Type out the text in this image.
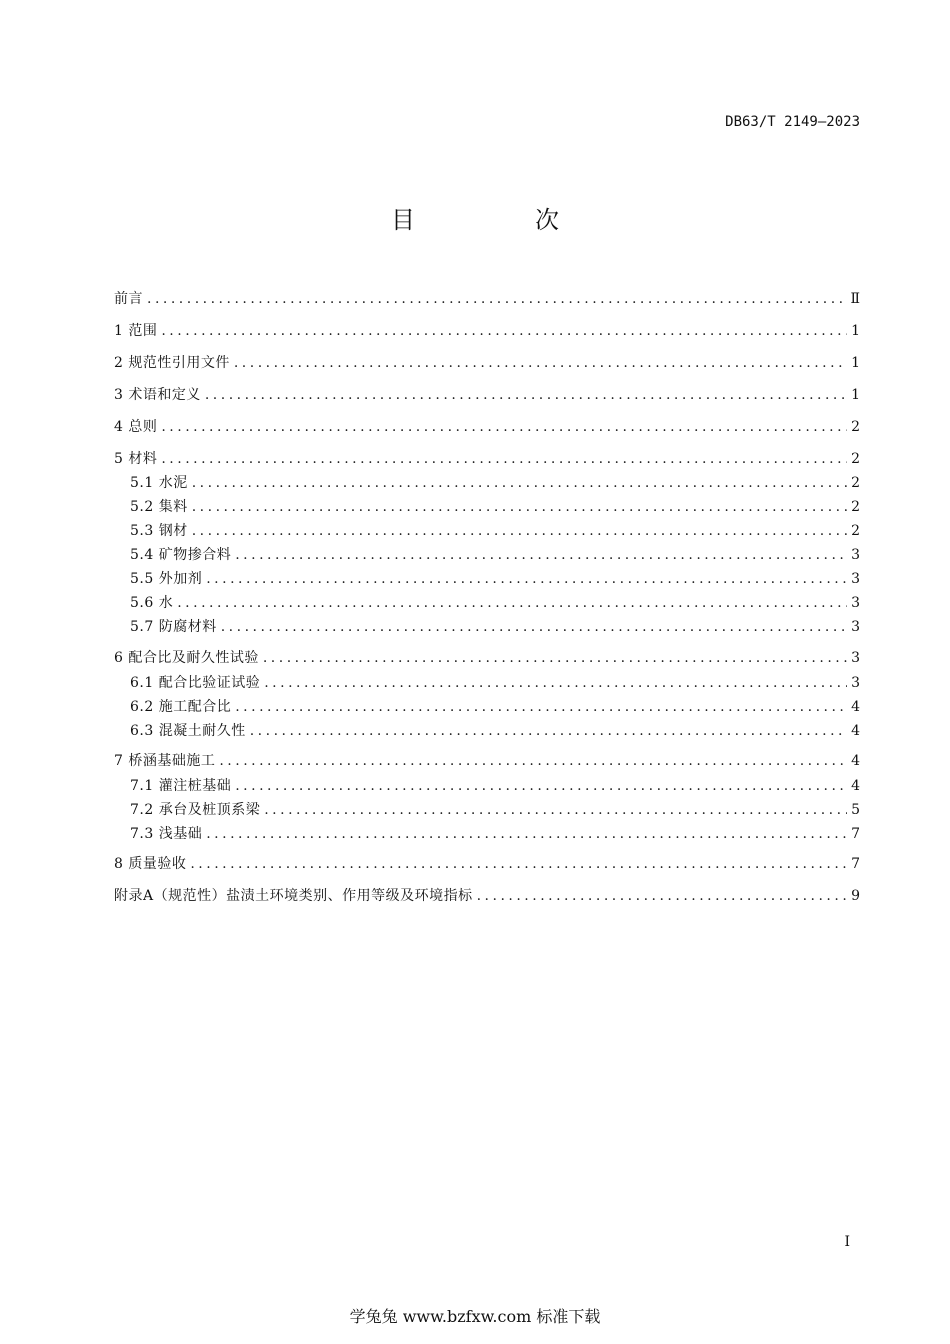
DB63/T 2149—2023
目　次
前言 .....	Ⅱ
1 范围 .....	1
2 规范性引用文件 .....	1
3 术语和定义 .....	1
4 总则 .....	2
5 材料 .....	2
5.1 水泥 .....	2
5.2 集料 .....	2
5.3 钢材 .....	2
5.4 矿物掺合料 .....	3
5.5 外加剂 .....	3
5.6 水 .....	3
5.7 防腐材料 .....	3
6 配合比及耐久性试验 .....	3
6.1 配合比验证试验 .....	3
6.2 施工配合比 .....	4
6.3 混凝土耐久性 .....	4
7 桥涵基础施工 .....	4
7.1 灌注桩基础 .....	4
7.2 承台及桩顶系梁 .....	5
7.3 浅基础 .....	7
8 质量验收 .....	7
附录A（规范性）盐渍土环境类别、作用等级及环境指标 .....	9
I
学兔兔 www.bzfxw.com 标准下载
